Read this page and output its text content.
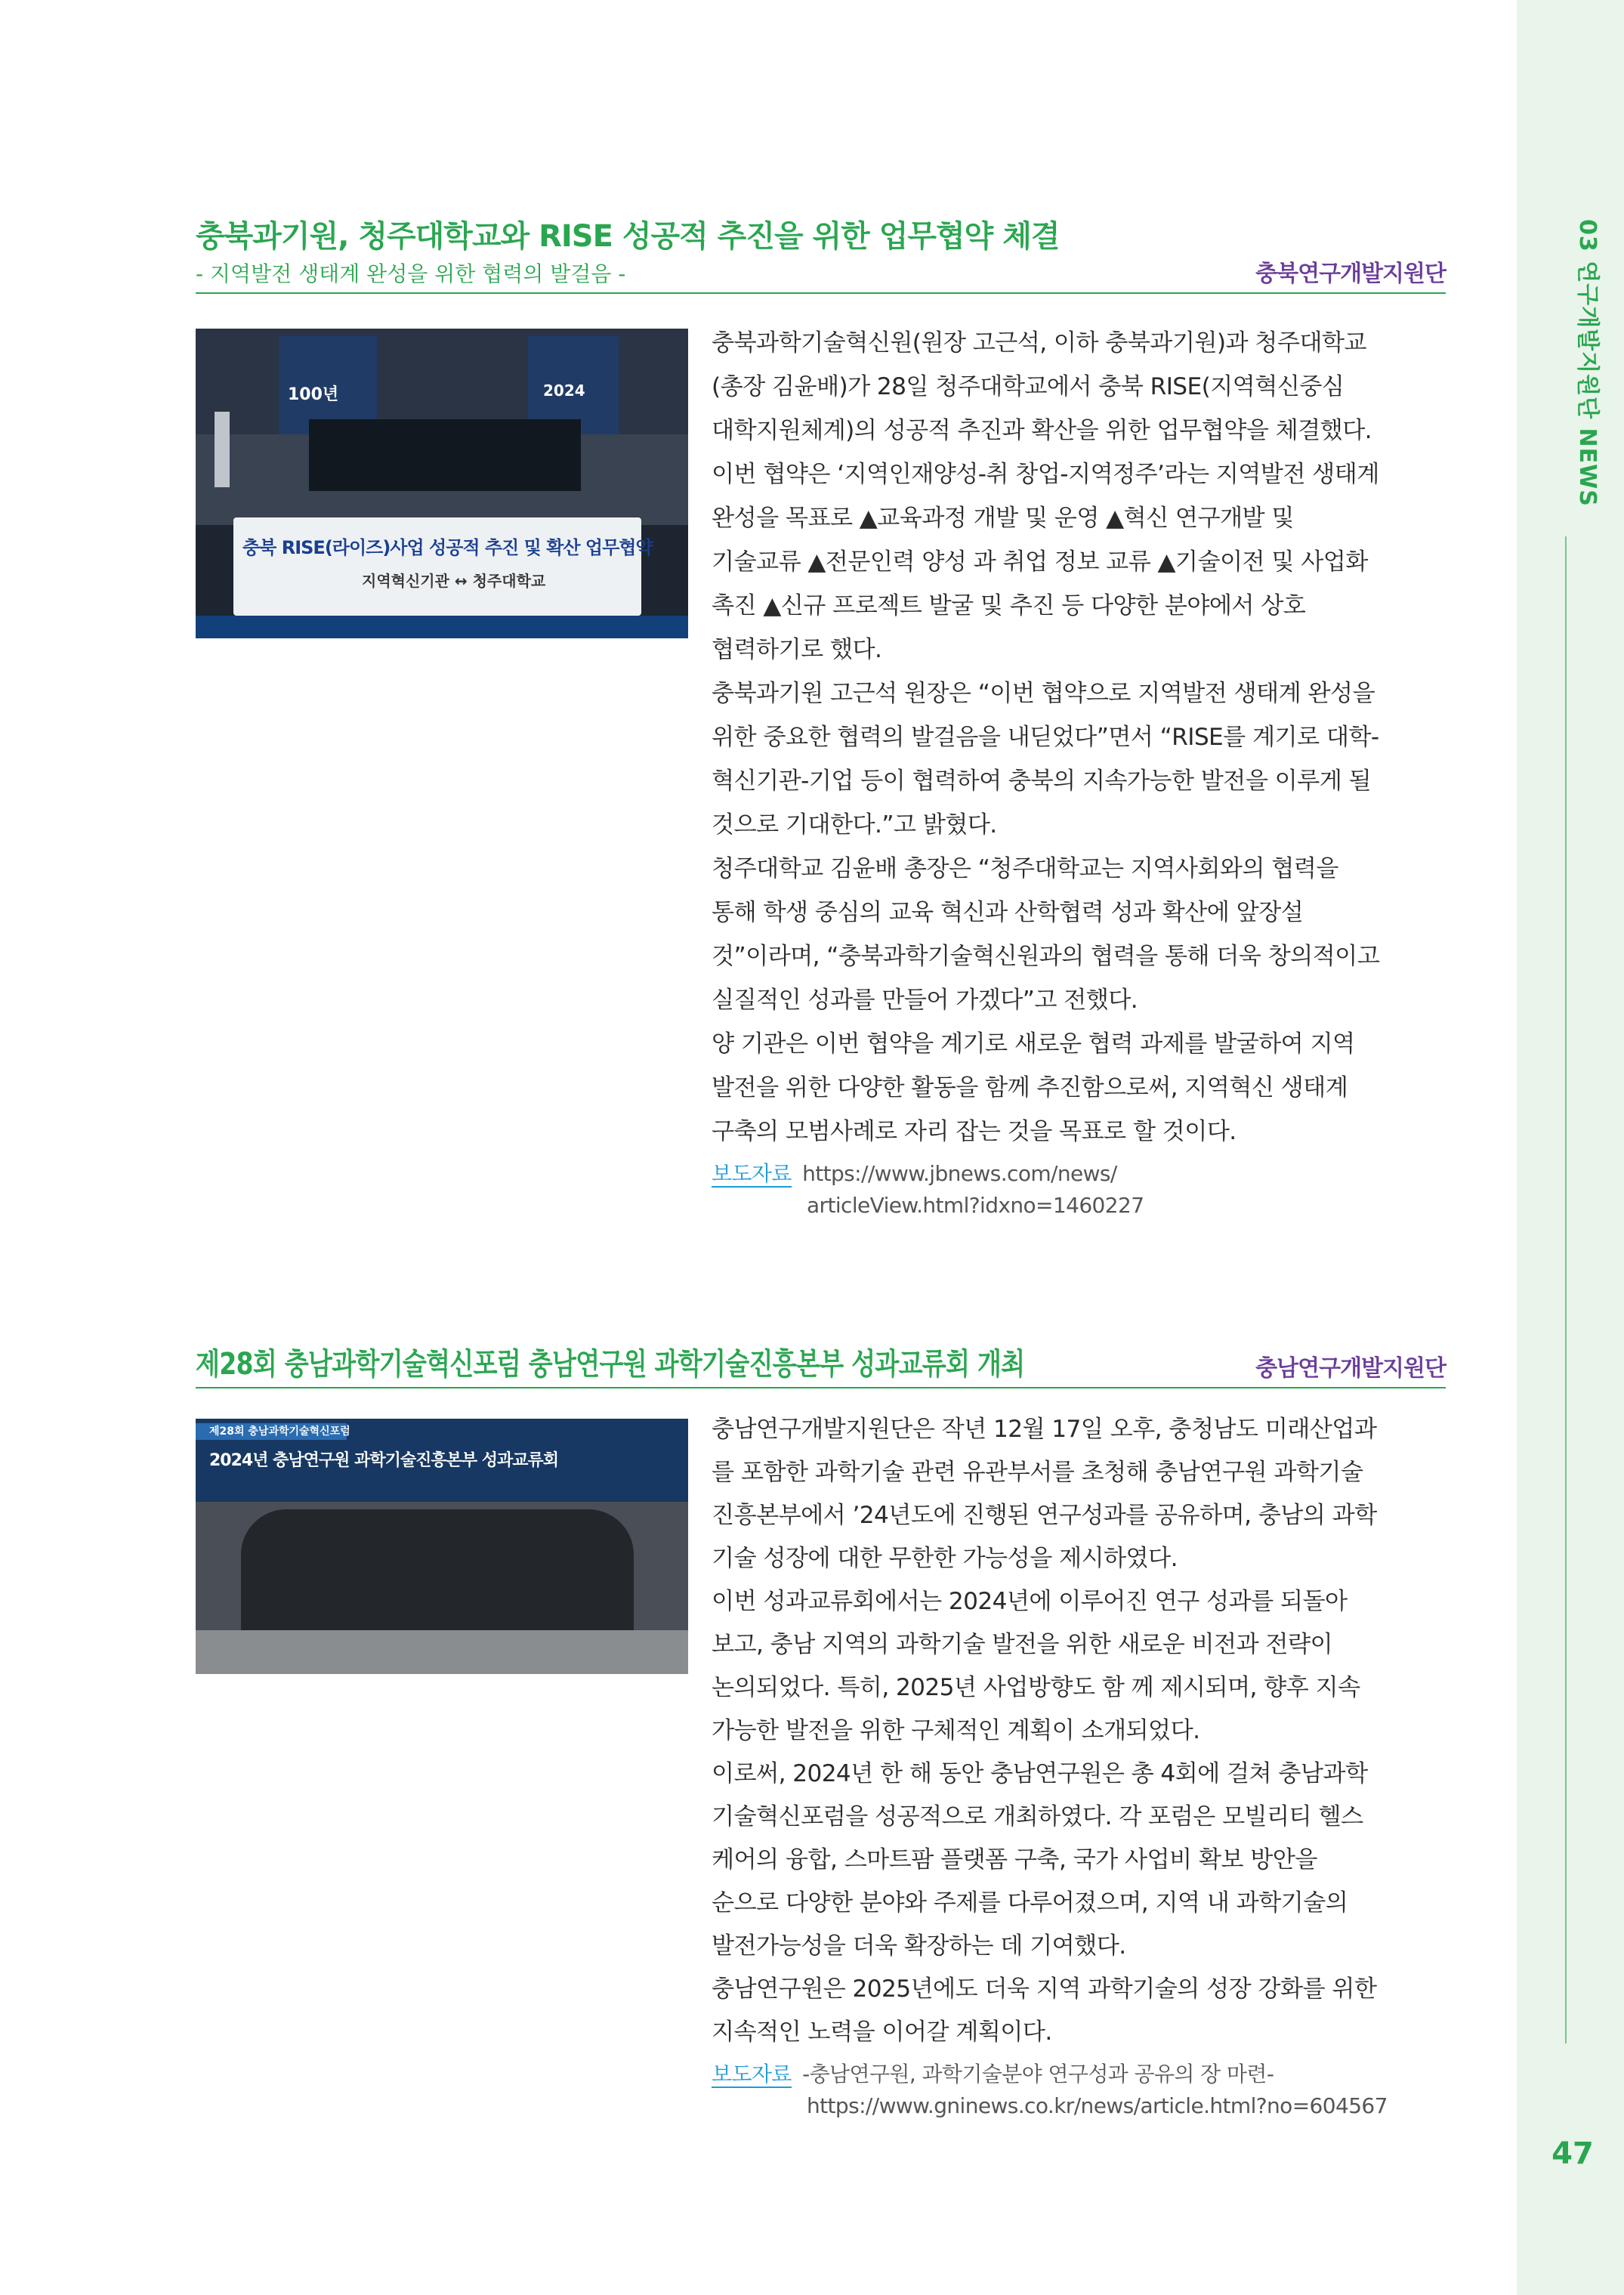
47
충북과기원, 청주대학교와 RISE 성공적 추진을 위한 업무협약 체결
- 지역발전 생태계 완성을 위한 협력의 발걸음 -	충북연구개발지원단
100년	2024
충북 RISE(라이즈)사업 성공적 추진 및 확산 업무협약
지역혁신기관 ↔ 청주대학교

충북과학기술혁신원(원장 고근석, 이하 충북과기원)과 청주대학교

(총장 김윤배)가 28일 청주대학교에서 충북 RISE(지역혁신중심

대학지원체계)의 성공적 추진과 확산을 위한 업무협약을 체결했다.

이번 협약은 ‘지역인재양성-취 창업-지역정주’라는 지역발전 생태계

완성을 목표로 ▲교육과정 개발 및 운영 ▲혁신 연구개발 및

기술교류 ▲전문인력 양성 과 취업 정보 교류 ▲기술이전 및 사업화

촉진 ▲신규 프로젝트 발굴 및 추진 등 다양한 분야에서 상호

협력하기로 했다.

충북과기원 고근석 원장은 “이번 협약으로 지역발전 생태계 완성을

위한 중요한 협력의 발걸음을 내딛었다”면서 “RISE를 계기로 대학-

혁신기관-기업 등이 협력하여 충북의 지속가능한 발전을 이루게 될

것으로 기대한다.”고 밝혔다.

청주대학교 김윤배 총장은 “청주대학교는 지역사회와의 협력을

통해 학생 중심의 교육 혁신과 산학협력 성과 확산에 앞장설

것”이라며, “충북과학기술혁신원과의 협력을 통해 더욱 창의적이고

실질적인 성과를 만들어 가겠다”고 전했다.

양 기관은 이번 협약을 계기로 새로운 협력 과제를 발굴하여 지역

발전을 위한 다양한 활동을 함께 추진함으로써, 지역혁신 생태계

구축의 모범사례로 자리 잡는 것을 목표로 할 것이다.

보도자료 https://www.jbnews.com/news/
articleView.html?idxno=1460227
제28회 충남과학기술혁신포럼 충남연구원 과학기술진흥본부 성과교류회 개최	충남연구개발지원단
제28회 충남과학기술혁신포럼
2024년 충남연구원 과학기술진흥본부 성과교류회

충남연구개발지원단은 작년 12월 17일 오후, 충청남도 미래산업과

를 포함한 과학기술 관련 유관부서를 초청해 충남연구원 과학기술

진흥본부에서 ’24년도에 진행된 연구성과를 공유하며, 충남의 과학

기술 성장에 대한 무한한 가능성을 제시하였다.

이번 성과교류회에서는 2024년에 이루어진 연구 성과를 되돌아

보고, 충남 지역의 과학기술 발전을 위한 새로운 비전과 전략이

논의되었다. 특히, 2025년 사업방향도 함 께 제시되며, 향후 지속

가능한 발전을 위한 구체적인 계획이 소개되었다.

이로써, 2024년 한 해 동안 충남연구원은 총 4회에 걸쳐 충남과학

기술혁신포럼을 성공적으로 개최하였다. 각 포럼은 모빌리티 헬스

케어의 융합, 스마트팜 플랫폼 구축, 국가 사업비 확보 방안을

순으로 다양한 분야와 주제를 다루어졌으며, 지역 내 과학기술의

발전가능성을 더욱 확장하는 데 기여했다.

충남연구원은 2025년에도 더욱 지역 과학기술의 성장 강화를 위한

지속적인 노력을 이어갈 계획이다.

보도자료 -충남연구원, 과학기술분야 연구성과 공유의 장 마련-
https://www.gninews.co.kr/news/article.html?no=604567
